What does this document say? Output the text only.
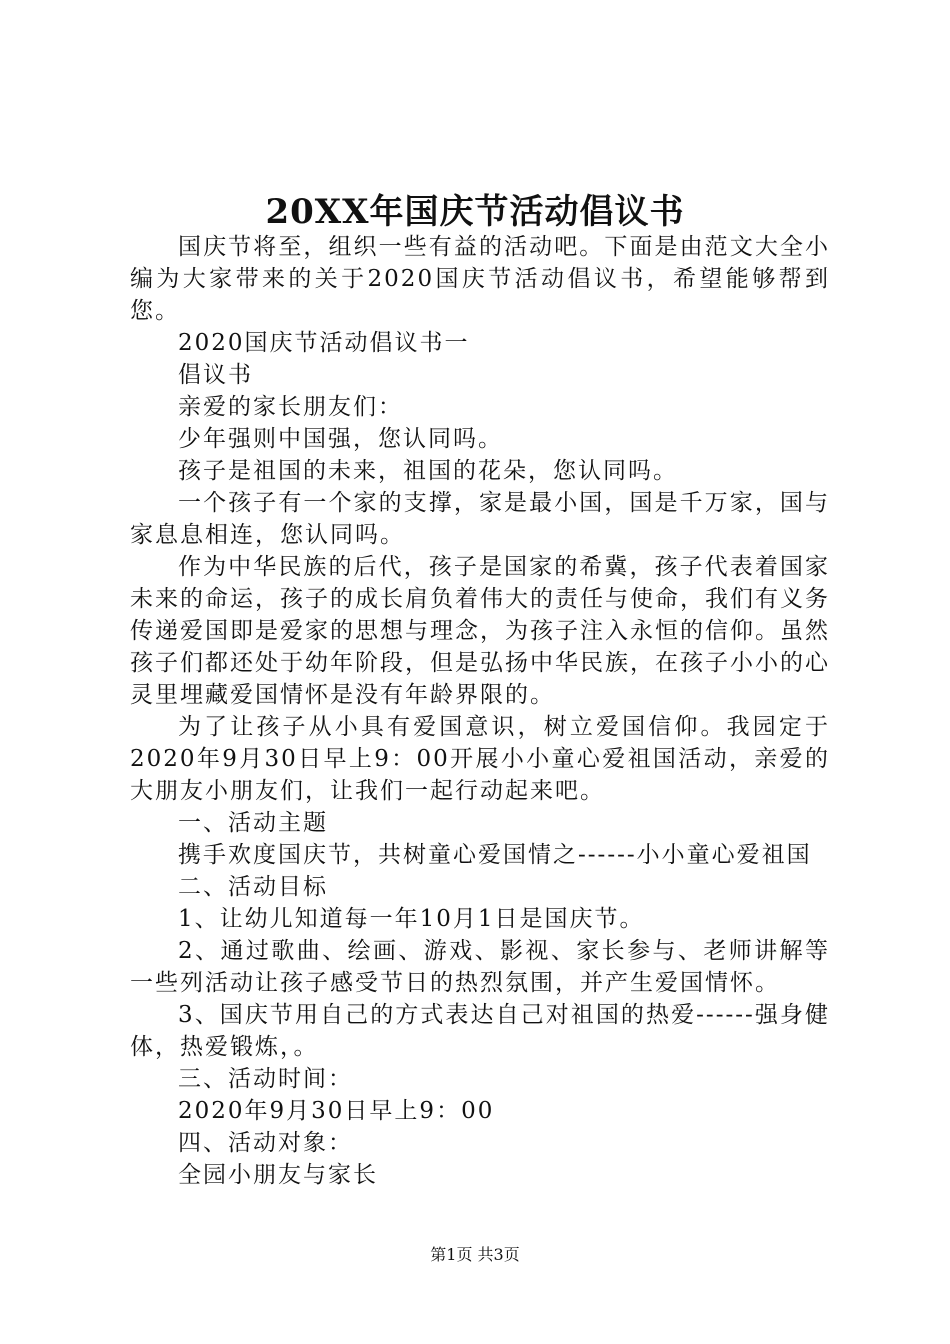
20XX年国庆节活动倡议书

国庆节将至，组织一些有益的活动吧。下面是由范文大全小编为大家带来的关于2020国庆节活动倡议书，希望能够帮到您。

2020国庆节活动倡议书一

倡议书

亲爱的家长朋友们：

少年强则中国强，您认同吗。

孩子是祖国的未来，祖国的花朵，您认同吗。

一个孩子有一个家的支撑，家是最小国，国是千万家，国与家息息相连，您认同吗。

作为中华民族的后代，孩子是国家的希冀，孩子代表着国家未来的命运，孩子的成长肩负着伟大的责任与使命，我们有义务传递爱国即是爱家的思想与理念，为孩子注入永恒的信仰。虽然孩子们都还处于幼年阶段，但是弘扬中华民族，在孩子小小的心灵里埋藏爱国情怀是没有年龄界限的。

为了让孩子从小具有爱国意识，树立爱国信仰。我园定于2020年9月30日早上9：00开展小小童心爱祖国活动，亲爱的大朋友小朋友们，让我们一起行动起来吧。

一、活动主题

携手欢度国庆节，共树童心爱国情之------小小童心爱祖国

二、活动目标

1、让幼儿知道每一年10月1日是国庆节。

2、通过歌曲、绘画、游戏、影视、家长参与、老师讲解等一些列活动让孩子感受节日的热烈氛围，并产生爱国情怀。

3、国庆节用自己的方式表达自己对祖国的热爱------强身健体，热爱锻炼，。

三、活动时间：

2020年9月30日早上9：00

四、活动对象：

全园小朋友与家长

第1页 共3页
